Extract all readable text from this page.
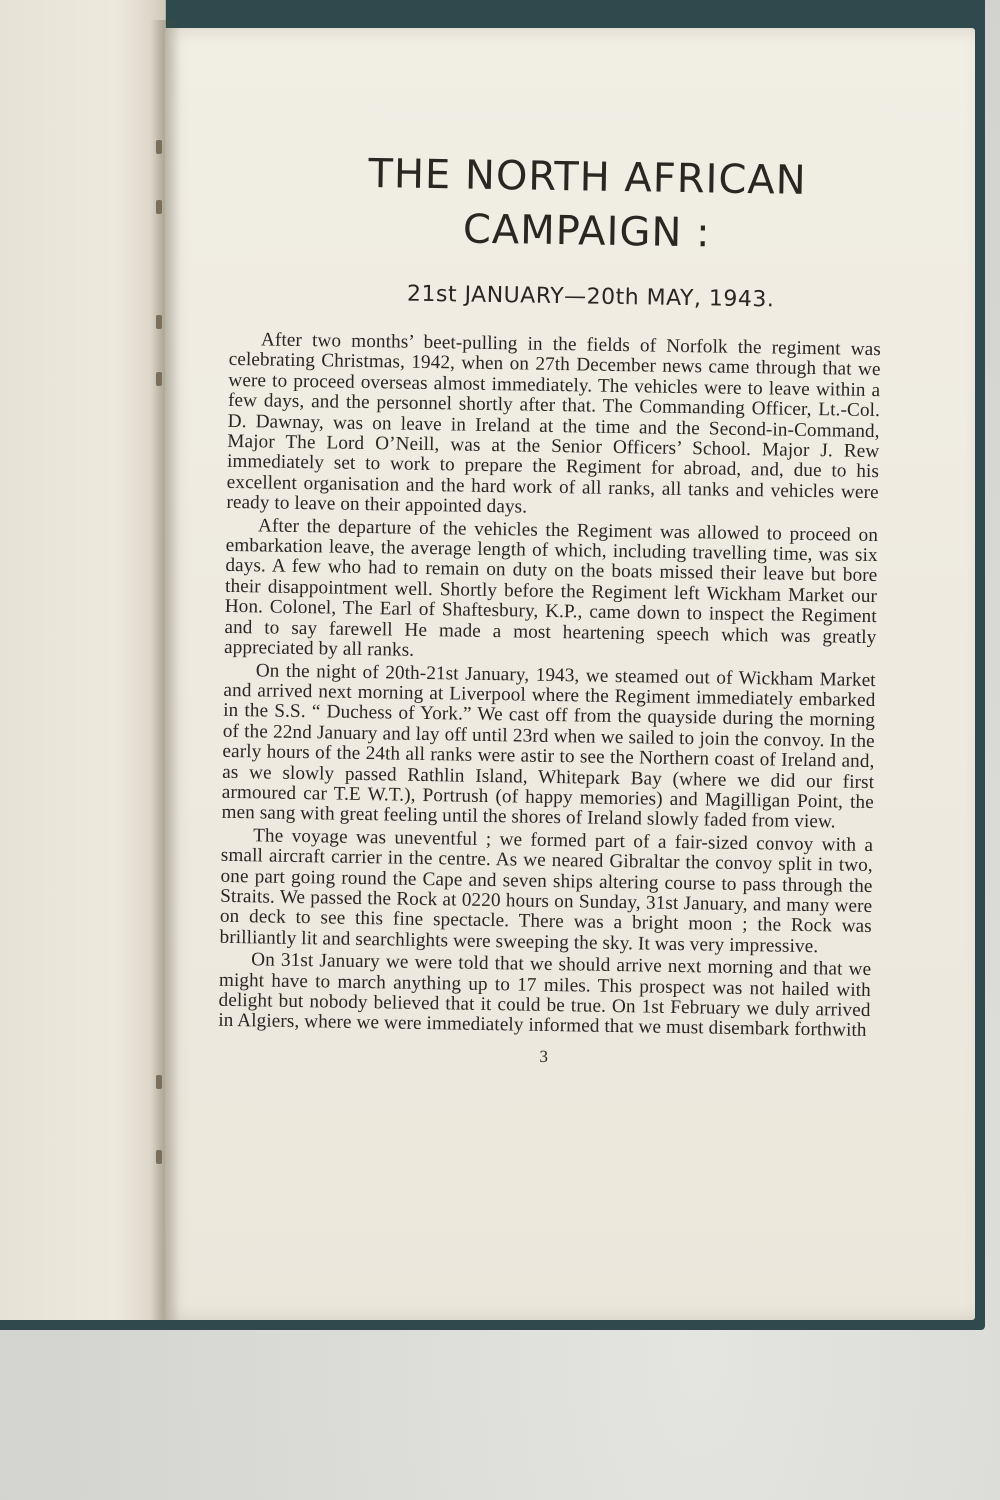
THE NORTH AFRICAN
CAMPAIGN :
21st JANUARY—20th MAY, 1943.

After two months’ beet-pulling in the fields of Norfolk the regiment was celebrating Christmas, 1942, when on 27th December news came through that we were to proceed overseas almost immediately. The vehicles were to leave within a few days, and the personnel shortly after that. The Commanding Officer, Lt.-Col. D. Dawnay, was on leave in Ireland at the time and the Second-in-Command, Major The Lord O’Neill, was at the Senior Officers’ School. Major J. Rew immediately set to work to prepare the Regiment for abroad, and, due to his excellent organisation and the hard work of all ranks, all tanks and vehicles were ready to leave on their appointed days.

After the departure of the vehicles the Regiment was allowed to proceed on embarkation leave, the average length of which, including travelling time, was six days. A few who had to remain on duty on the boats missed their leave but bore their disappointment well. Shortly before the Regiment left Wickham Market our Hon. Colonel, The Earl of Shaftesbury, K.P., came down to inspect the Regiment and to say farewell He made a most heartening speech which was greatly appreciated by all ranks.

On the night of 20th-21st January, 1943, we steamed out of Wickham Market and arrived next morning at Liverpool where the Regiment immediately embarked in the S.S. “ Duchess of York.” We cast off from the quayside during the morning of the 22nd January and lay off until 23rd when we sailed to join the convoy. In the early hours of the 24th all ranks were astir to see the Northern coast of Ireland and, as we slowly passed Rathlin Island, Whitepark Bay (where we did our first armoured car T.E W.T.), Portrush (of happy memories) and Magilligan Point, the men sang with great feeling until the shores of Ireland slowly faded from view.

The voyage was uneventful ; we formed part of a fair-sized convoy with a small aircraft carrier in the centre. As we neared Gibraltar the convoy split in two, one part going round the Cape and seven ships altering course to pass through the Straits. We passed the Rock at 0220 hours on Sunday, 31st January, and many were on deck to see this fine spectacle. There was a bright moon ; the Rock was brilliantly lit and searchlights were sweeping the sky. It was very impressive.

On 31st January we were told that we should arrive next morning and that we might have to march anything up to 17 miles. This prospect was not hailed with delight but nobody believed that it could be true. On 1st February we duly arrived in Algiers, where we were immediately informed that we must disembark forthwith

3
